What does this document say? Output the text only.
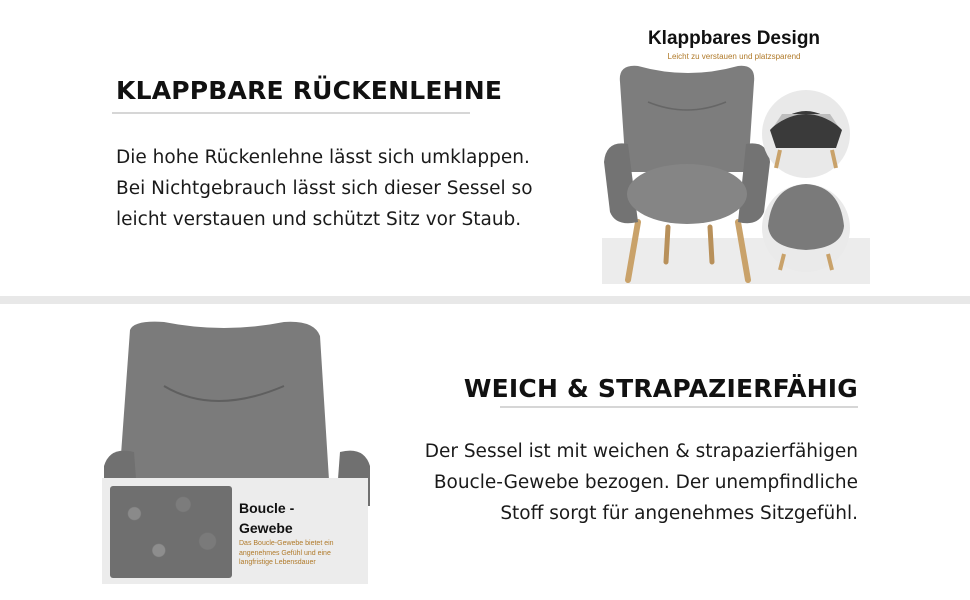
KLAPPBARE RÜCKENLEHNE

Die hohe Rückenlehne lässt sich umklappen.
Bei Nichtgebrauch lässt sich dieser Sessel so
leicht verstauen und schützt Sitz vor Staub.

Klappbares Design
Leicht zu verstauen und platzsparend
Boucle -
Gewebe
Das Boucle-Gewebe bietet ein angenehmes Gefühl und eine langfristige Lebensdauer
WEICH & STRAPAZIERFÄHIG

Der Sessel ist mit weichen & strapazierfähigen
Boucle-Gewebe bezogen. Der unempfindliche
Stoff sorgt für angenehmes Sitzgefühl.
